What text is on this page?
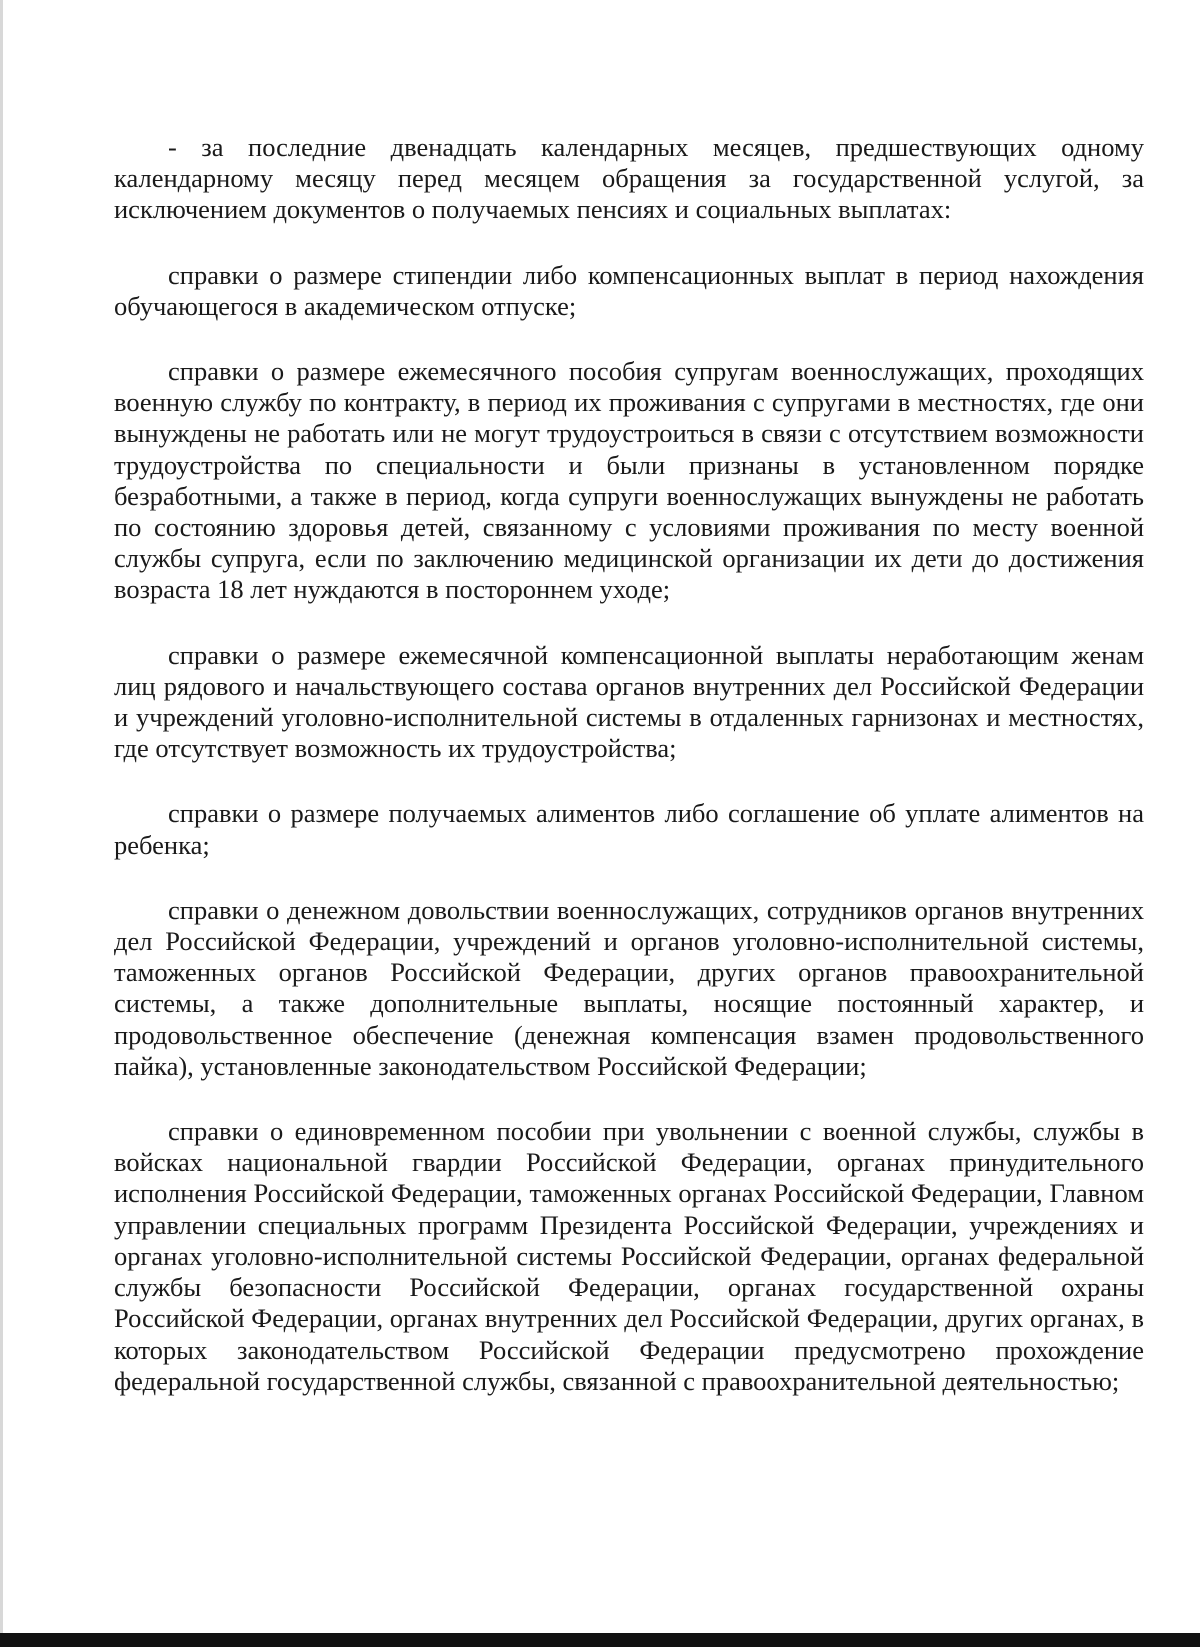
- за последние двенадцать календарных месяцев, предшествующих одному календарному месяцу перед месяцем обращения за государственной услугой, за исключением документов о получаемых пенсиях и социальных выплатах:

справки о размере стипендии либо компенсационных выплат в период нахождения обучающегося в академическом отпуске;

справки о размере ежемесячного пособия супругам военнослужащих, проходящих военную службу по контракту, в период их проживания с супругами в местностях, где они вынуждены не работать или не могут трудоустроиться в связи с отсутствием возможности трудоустройства по специальности и были признаны в установленном порядке безработными, а также в период, когда супруги военнослужащих вынуждены не работать по состоянию здоровья детей, связанному с условиями проживания по месту военной службы супруга, если по заключению медицинской организации их дети до достижения возраста 18 лет нуждаются в постороннем уходе;

справки о размере ежемесячной компенсационной выплаты неработающим женам лиц рядового и начальствующего состава органов внутренних дел Российской Федерации и учреждений уголовно-исполнительной системы в отдаленных гарнизонах и местностях, где отсутствует возможность их трудоустройства;

справки о размере получаемых алиментов либо соглашение об уплате алиментов на ребенка;

справки о денежном довольствии военнослужащих, сотрудников органов внутренних дел Российской Федерации, учреждений и органов уголовно-исполнительной системы, таможенных органов Российской Федерации, других органов правоохранительной системы, а также дополнительные выплаты, носящие постоянный характер, и продовольственное обеспечение (денежная компенсация взамен продовольственного пайка), установленные законодательством Российской Федерации;

справки о единовременном пособии при увольнении с военной службы, службы в войсках национальной гвардии Российской Федерации, органах принудительного исполнения Российской Федерации, таможенных органах Российской Федерации, Главном управлении специальных программ Президента Российской Федерации, учреждениях и органах уголовно-исполнительной системы Российской Федерации, органах федеральной службы безопасности Российской Федерации, органах государственной охраны Российской Федерации, органах внутренних дел Российской Федерации, других органах, в которых законодательством Российской Федерации предусмотрено прохождение федеральной государственной службы, связанной с правоохранительной деятельностью;
